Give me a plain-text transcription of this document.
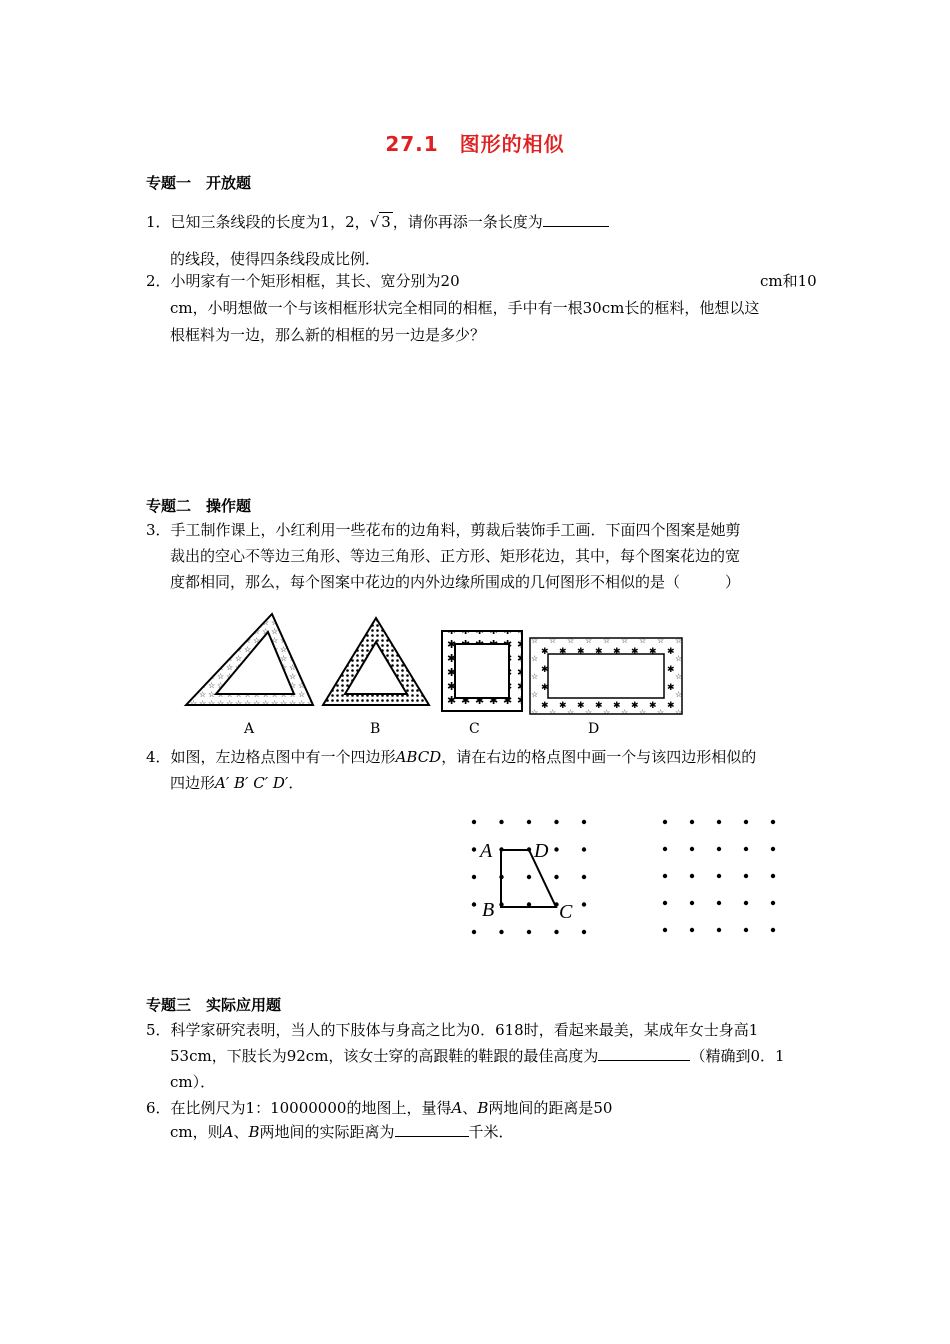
27.1　图形的相似
专题一　开放题
1．已知三条线段的长度为1，2，√ 3 ，请你再添一条长度为
的线段，使得四条线段成比例．
2．小明家有一个矩形相框，其长、宽分别为20	cm和10
cm，小明想做一个与该相框形状完全相同的相框，手中有一根30cm长的框料，他想以这
根框料为一边，那么新的相框的另一边是多少？
专题二　操作题
3．手工制作课上，小红利用一些花布的边角料，剪裁后装饰手工画．下面四个图案是她剪
裁出的空心不等边三角形、等边三角形、正方形、矩形花边，其中，每个图案花边的宽
度都相同，那么，每个图案中花边的内外边缘所围成的几何图形不相似的是（　　　）
A	B	C	D
4．如图，左边格点图中有一个四边形ABCD，请在右边的格点图中画一个与该四边形相似的
四边形A′ B′ C′ D′．
A D
B	C
专题三　实际应用题
5．科学家研究表明，当人的下肢体与身高之比为0．618时，看起来最美，某成年女士身高1
53cm，下肢长为92cm，该女士穿的高跟鞋的鞋跟的最佳高度为	（精确到0．1
cm）．
6．在比例尺为1：10000000的地图上，量得A、B两地间的距离是50
cm，则A、B两地间的实际距离为	千米．
